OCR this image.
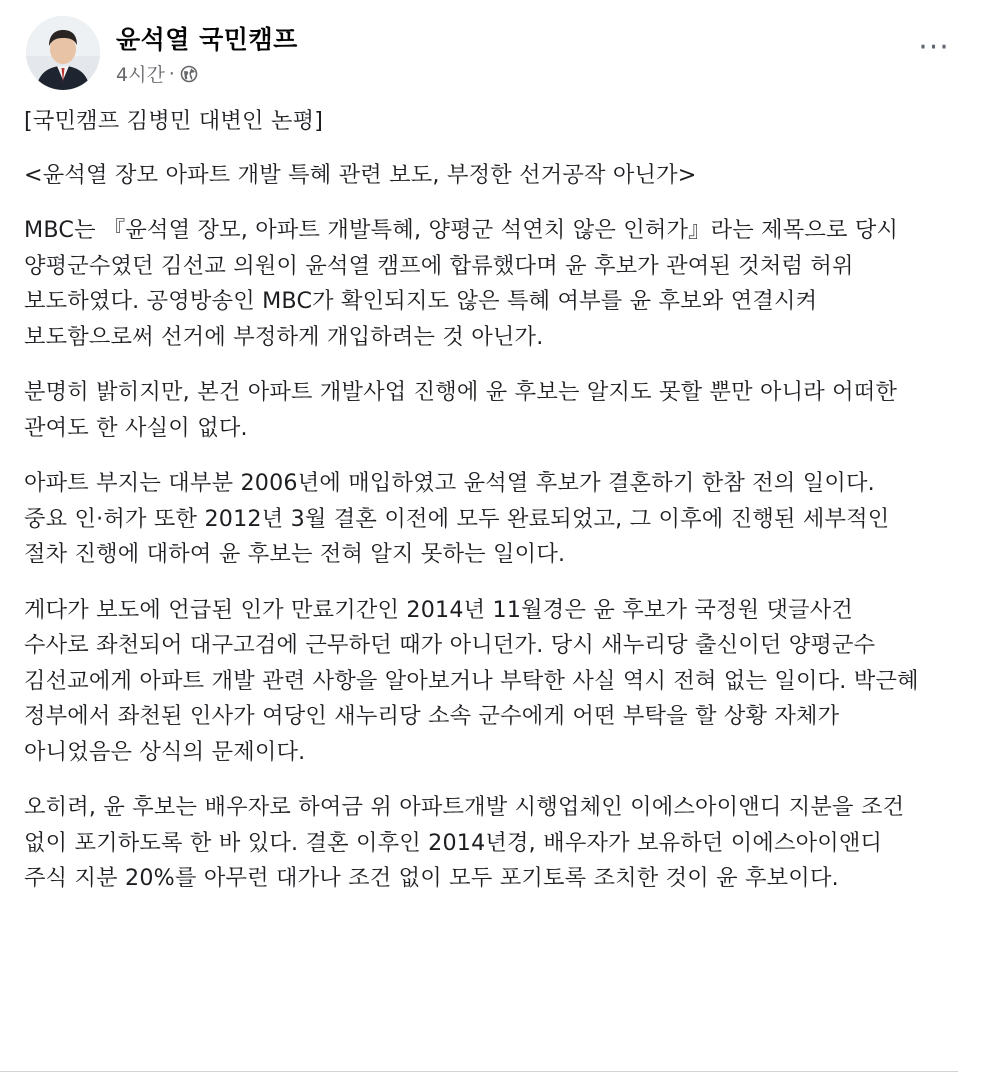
윤석열 국민캠프
4시간 ·
···

[국민캠프 김병민 대변인 논평]

<윤석열 장모 아파트 개발 특혜 관련 보도, 부정한 선거공작 아닌가>

MBC는 『윤석열 장모, 아파트 개발특혜, 양평군 석연치 않은 인허가』라는 제목으로 당시 양평군수였던 김선교 의원이 윤석열 캠프에 합류했다며 윤 후보가 관여된 것처럼 허위 보도하였다. 공영방송인 MBC가 확인되지도 않은 특혜 여부를 윤 후보와 연결시켜 보도함으로써 선거에 부정하게 개입하려는 것 아닌가.

분명히 밝히지만, 본건 아파트 개발사업 진행에 윤 후보는 알지도 못할 뿐만 아니라 어떠한 관여도 한 사실이 없다.

아파트 부지는 대부분 2006년에 매입하였고 윤석열 후보가 결혼하기 한참 전의 일이다. 중요 인·허가 또한 2012년 3월 결혼 이전에 모두 완료되었고, 그 이후에 진행된 세부적인 절차 진행에 대하여 윤 후보는 전혀 알지 못하는 일이다.

게다가 보도에 언급된 인가 만료기간인 2014년 11월경은 윤 후보가 국정원 댓글사건 수사로 좌천되어 대구고검에 근무하던 때가 아니던가. 당시 새누리당 출신이던 양평군수 김선교에게 아파트 개발 관련 사항을 알아보거나 부탁한 사실 역시 전혀 없는 일이다. 박근혜 정부에서 좌천된 인사가 여당인 새누리당 소속 군수에게 어떤 부탁을 할 상황 자체가 아니었음은 상식의 문제이다.

오히려, 윤 후보는 배우자로 하여금 위 아파트개발 시행업체인 이에스아이앤디 지분을 조건 없이 포기하도록 한 바 있다. 결혼 이후인 2014년경, 배우자가 보유하던 이에스아이앤디 주식 지분 20%를 아무런 대가나 조건 없이 모두 포기토록 조치한 것이 윤 후보이다.
